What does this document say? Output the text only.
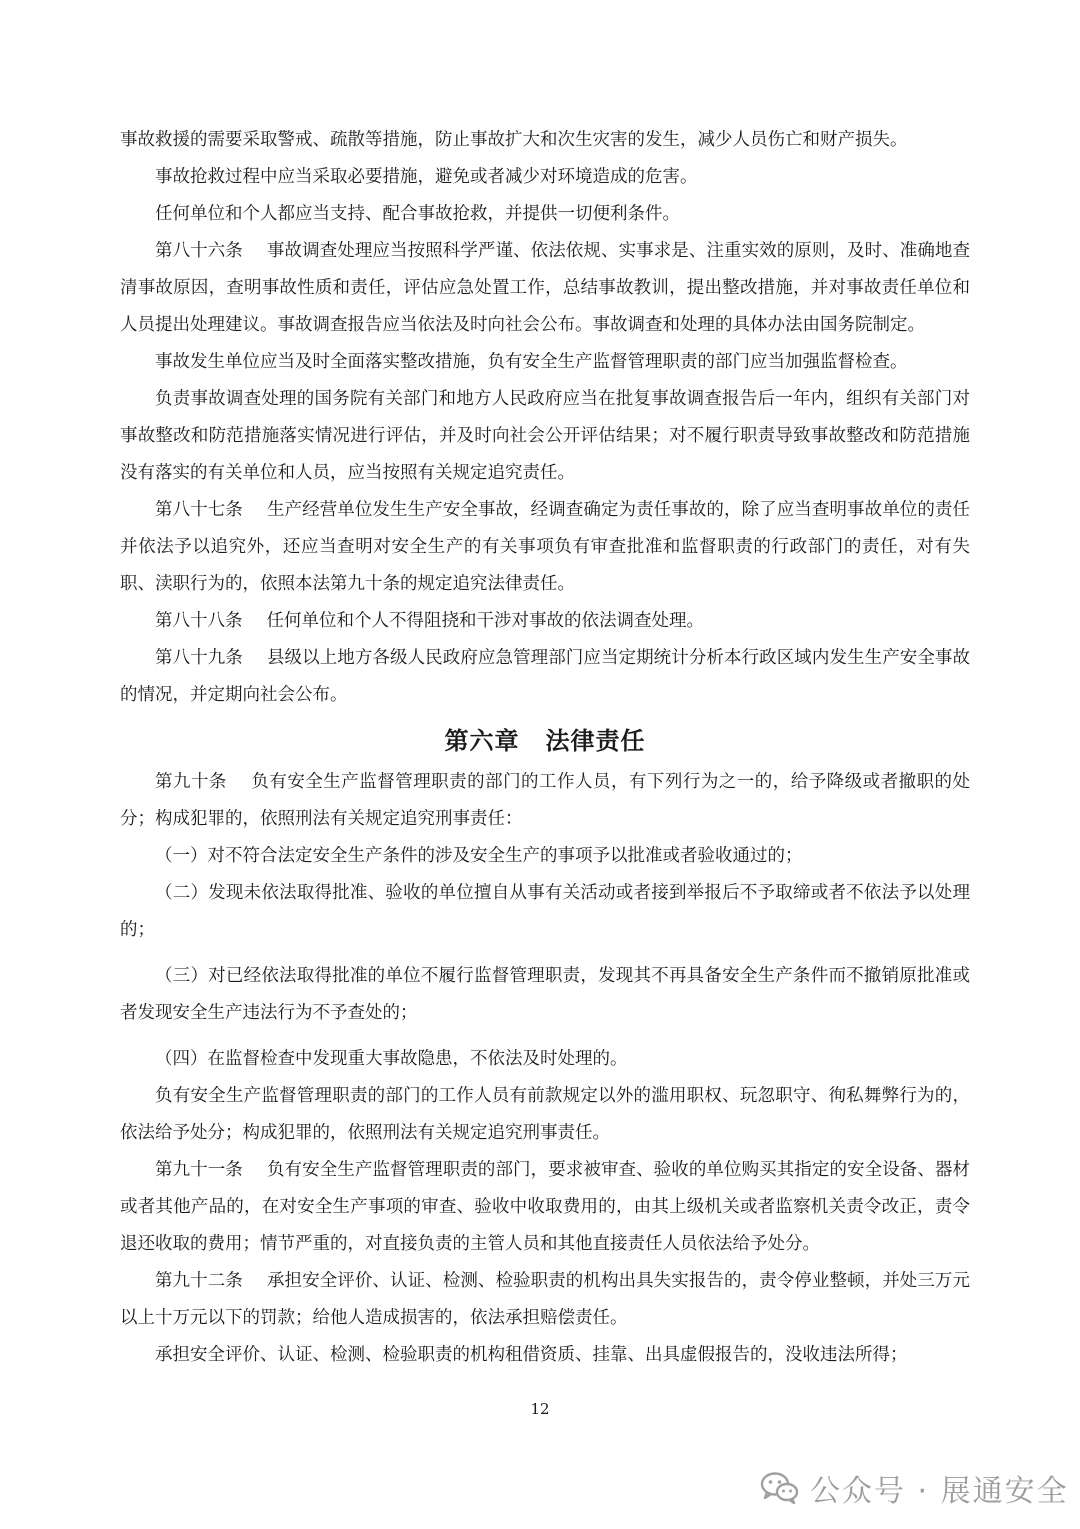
事故救援的需要采取警戒、疏散等措施，防止事故扩大和次生灾害的发生，减少人员伤亡和财产损失。

事故抢救过程中应当采取必要措施，避免或者减少对环境造成的危害。

任何单位和个人都应当支持、配合事故抢救，并提供一切便利条件。

第八十六条 事故调查处理应当按照科学严谨、依法依规、实事求是、注重实效的原则，及时、准确地查清事故原因，查明事故性质和责任，评估应急处置工作，总结事故教训，提出整改措施，并对事故责任单位和人员提出处理建议。事故调查报告应当依法及时向社会公布。事故调查和处理的具体办法由国务院制定。

事故发生单位应当及时全面落实整改措施，负有安全生产监督管理职责的部门应当加强监督检查。

负责事故调查处理的国务院有关部门和地方人民政府应当在批复事故调查报告后一年内，组织有关部门对事故整改和防范措施落实情况进行评估，并及时向社会公开评估结果；对不履行职责导致事故整改和防范措施没有落实的有关单位和人员，应当按照有关规定追究责任。

第八十七条 生产经营单位发生生产安全事故，经调查确定为责任事故的，除了应当查明事故单位的责任并依法予以追究外，还应当查明对安全生产的有关事项负有审查批准和监督职责的行政部门的责任，对有失职、渎职行为的，依照本法第九十条的规定追究法律责任。

第八十八条 任何单位和个人不得阻挠和干涉对事故的依法调查处理。

第八十九条 县级以上地方各级人民政府应急管理部门应当定期统计分析本行政区域内发生生产安全事故的情况，并定期向社会公布。

第六章 法律责任

第九十条 负有安全生产监督管理职责的部门的工作人员，有下列行为之一的，给予降级或者撤职的处分；构成犯罪的，依照刑法有关规定追究刑事责任：

（一）对不符合法定安全生产条件的涉及安全生产的事项予以批准或者验收通过的；

（二）发现未依法取得批准、验收的单位擅自从事有关活动或者接到举报后不予取缔或者不依法予以处理的；

（三）对已经依法取得批准的单位不履行监督管理职责，发现其不再具备安全生产条件而不撤销原批准或者发现安全生产违法行为不予查处的；

（四）在监督检查中发现重大事故隐患，不依法及时处理的。

负有安全生产监督管理职责的部门的工作人员有前款规定以外的滥用职权、玩忽职守、徇私舞弊行为的，依法给予处分；构成犯罪的，依照刑法有关规定追究刑事责任。

第九十一条 负有安全生产监督管理职责的部门，要求被审查、验收的单位购买其指定的安全设备、器材或者其他产品的，在对安全生产事项的审查、验收中收取费用的，由其上级机关或者监察机关责令改正，责令退还收取的费用；情节严重的，对直接负责的主管人员和其他直接责任人员依法给予处分。

第九十二条 承担安全评价、认证、检测、检验职责的机构出具失实报告的，责令停业整顿，并处三万元以上十万元以下的罚款；给他人造成损害的，依法承担赔偿责任。

承担安全评价、认证、检测、检验职责的机构租借资质、挂靠、出具虚假报告的，没收违法所得；

12
公众号 · 展通安全
